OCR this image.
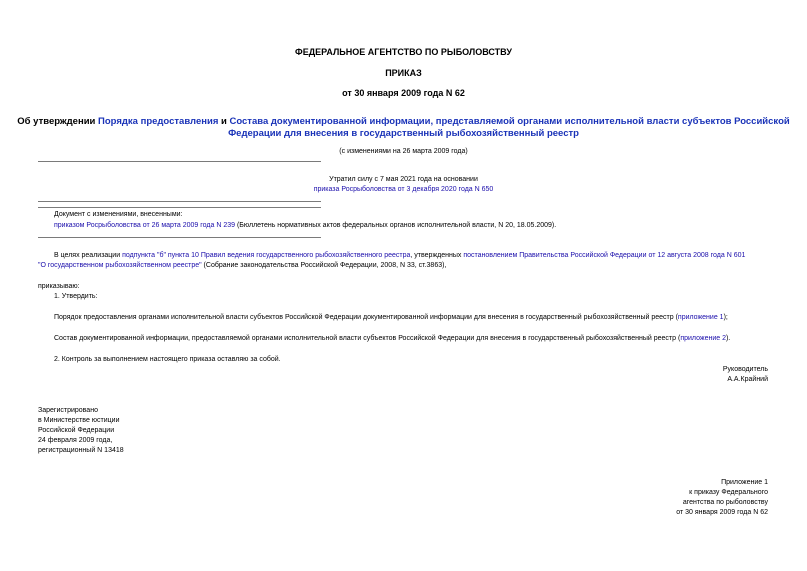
ФЕДЕРАЛЬНОЕ АГЕНТСТВО ПО РЫБОЛОВСТВУ
ПРИКАЗ
от 30 января 2009 года N 62
Об утверждении Порядка предоставления и Состава документированной информации, представляемой органами исполнительной власти субъектов Российской
Федерации для внесения в государственный рыбохозяйственный реестр
(с изменениями на 26 марта 2009 года)
Утратил силу с 7 мая 2021 года на основании
приказа Росрыболовства от 3 декабря 2020 года N 650
Документ с изменениями, внесенными:
приказом Росрыболовства от 26 марта 2009 года N 239 (Бюллетень нормативных актов федеральных органов исполнительной власти, N 20, 18.05.2009).
В целях реализации подпункта "б" пункта 10 Правил ведения государственного рыбохозяйственного реестра, утвержденных постановлением Правительства Российской Федерации от 12 августа 2008 года N 601
"О государственном рыбохозяйственном реестре" (Собрание законодательства Российской Федерации, 2008, N 33, ст.3863),
приказываю:
1. Утвердить:
Порядок предоставления органами исполнительной власти субъектов Российской Федерации документированной информации для внесения в государственный рыбохозяйственный реестр (приложение 1);
Состав документированной информации, предоставляемой органами исполнительной власти субъектов Российской Федерации для внесения в государственный рыбохозяйственный реестр (приложение 2).
2. Контроль за выполнением настоящего приказа оставляю за собой.
Руководитель
А.А.Крайний
Зарегистрировано
в Министерстве юстиции
Российской Федерации
24 февраля 2009 года,
регистрационный N 13418
Приложение 1
к приказу Федерального
агентства по рыболовству
от 30 января 2009 года N 62
